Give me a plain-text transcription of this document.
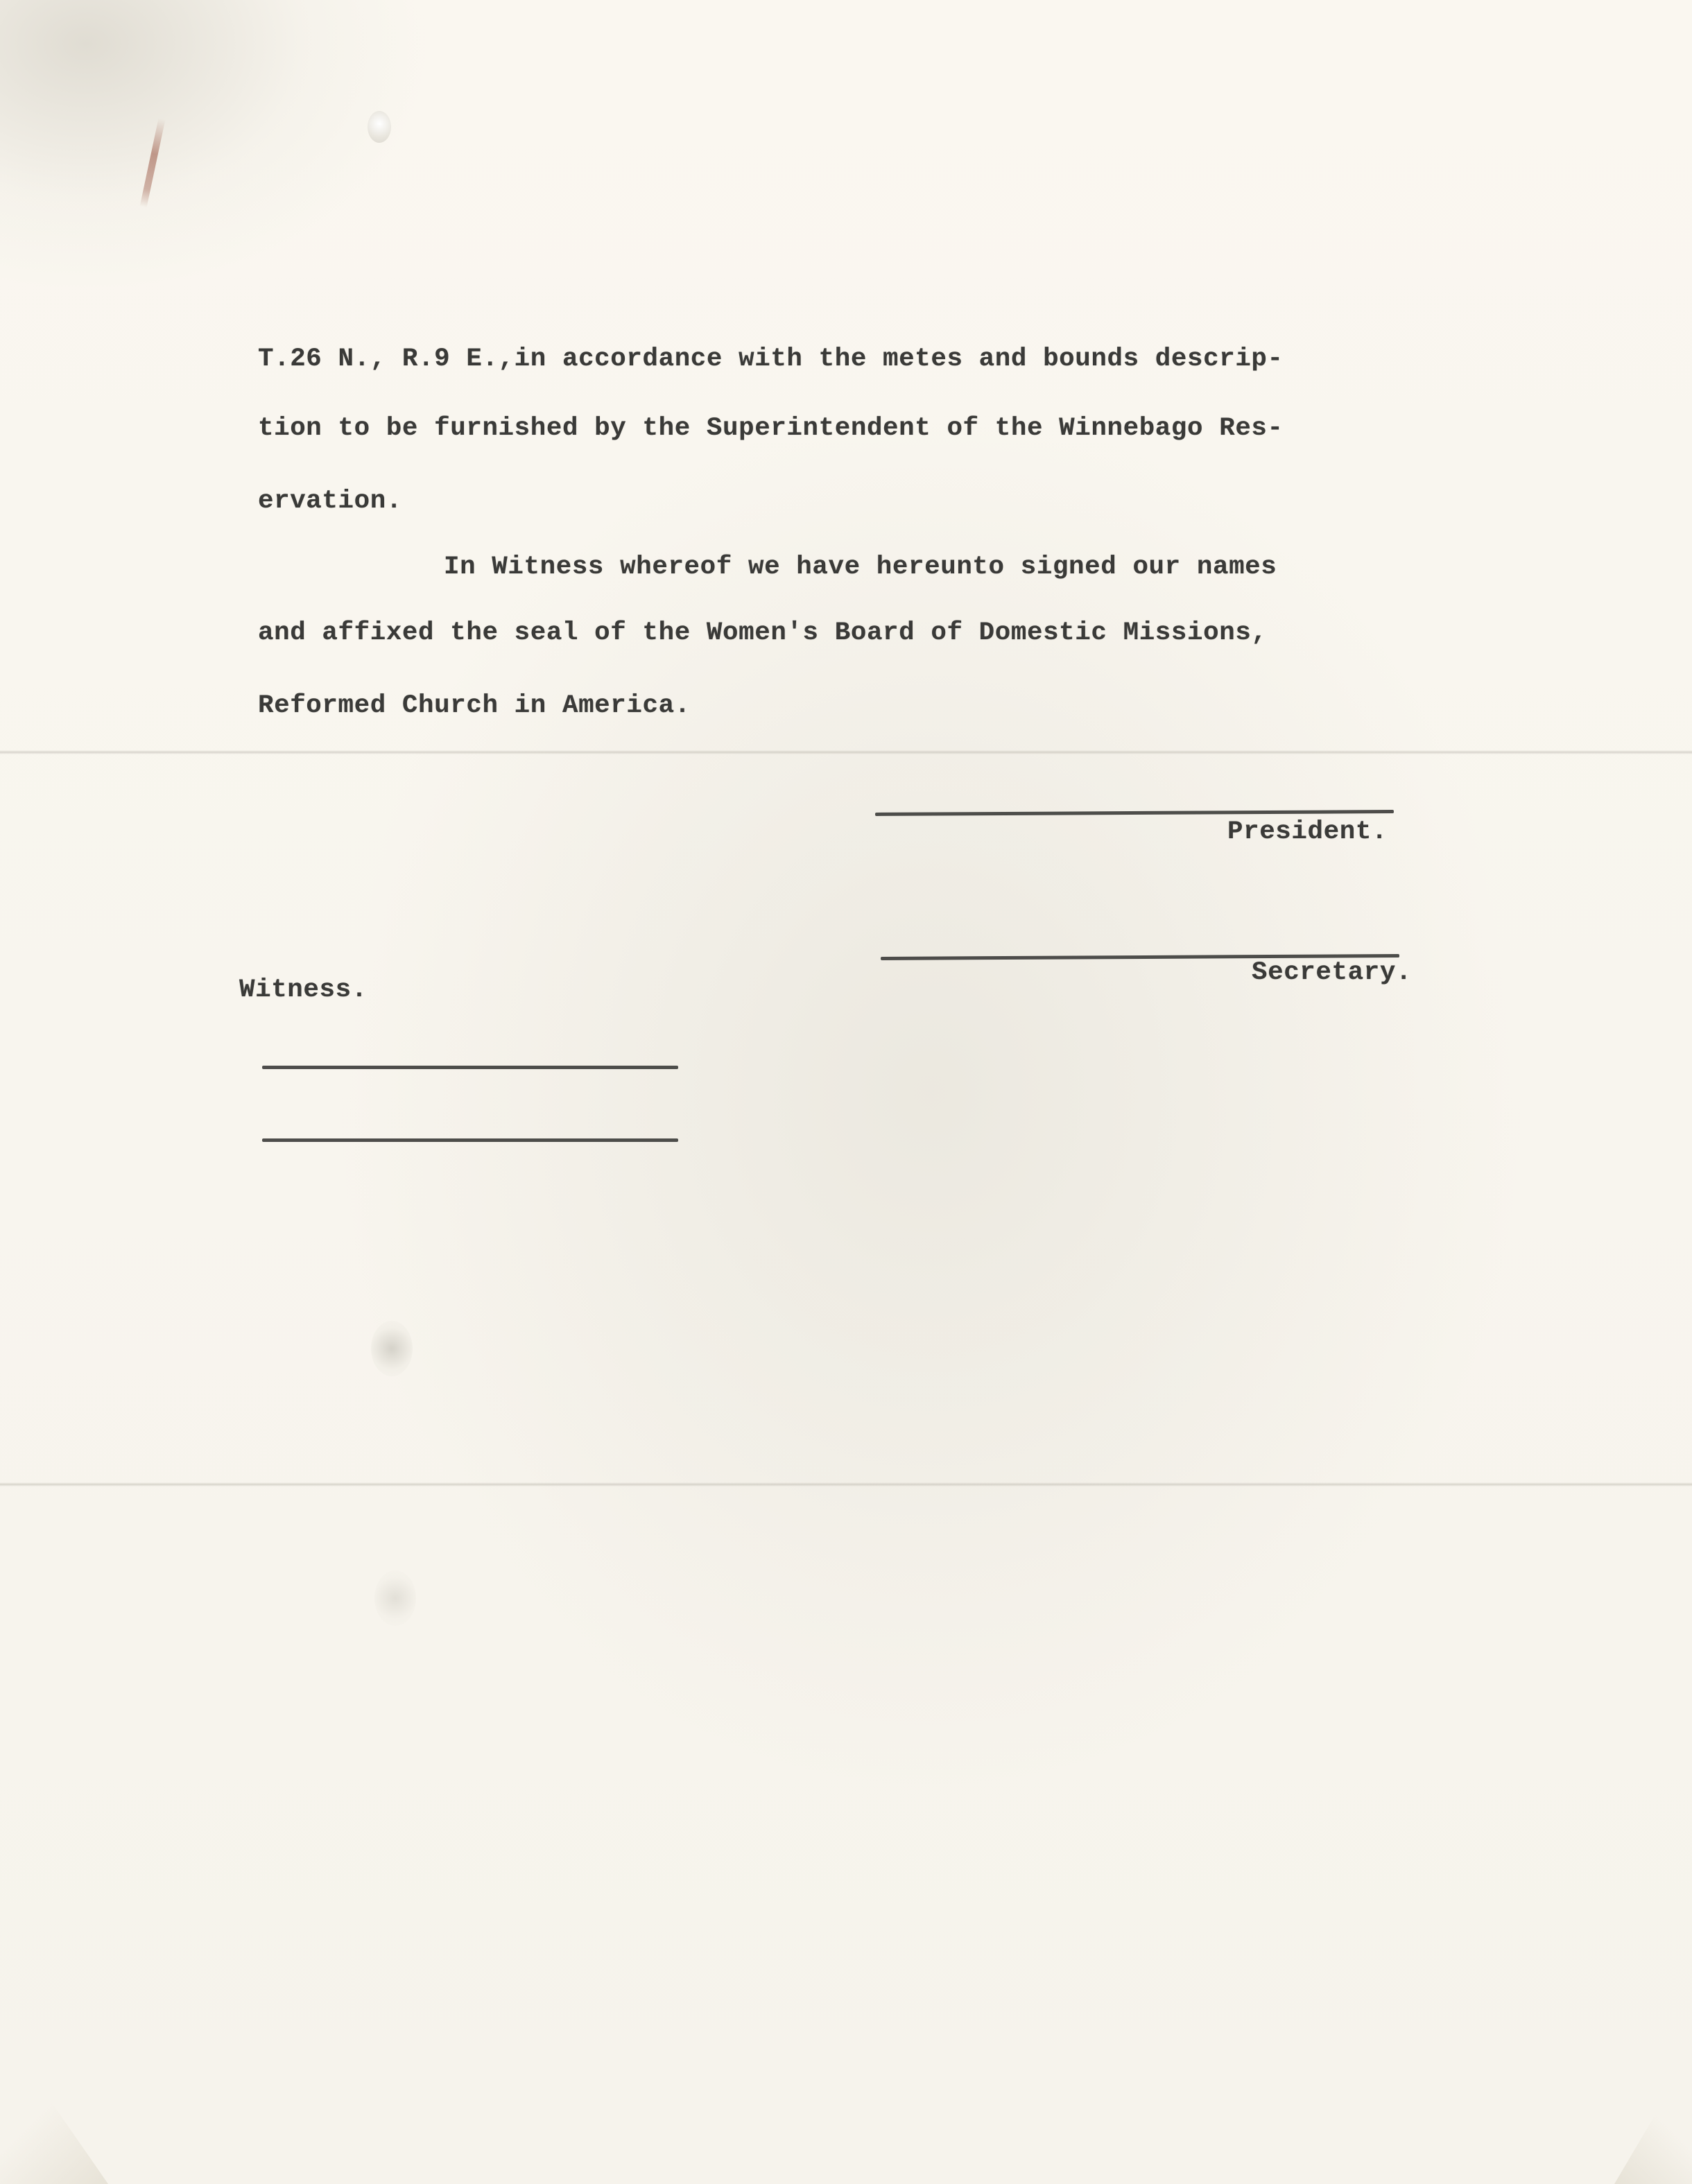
T.26 N., R.9 E.,in accordance with the metes and bounds descrip-
tion to be furnished by the Superintendent of the Winnebago Res-
ervation.
In Witness whereof we have hereunto signed our names
and affixed the seal of the Women's Board of Domestic Missions,
Reformed Church in America.
President.
Secretary.
Witness.
